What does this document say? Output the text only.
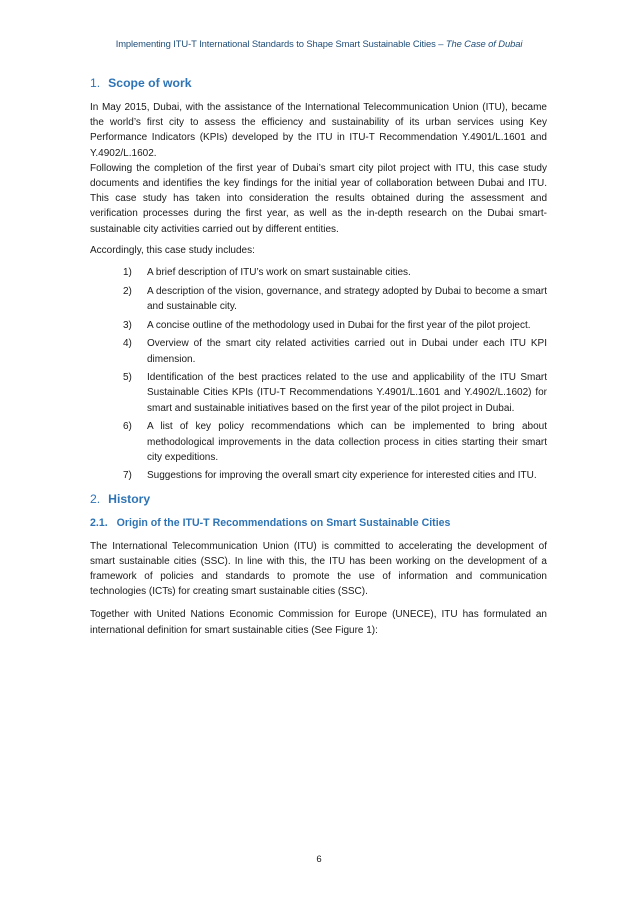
Implementing ITU-T International Standards to Shape Smart Sustainable Cities – The Case of Dubai
1. Scope of work

In May 2015, Dubai, with the assistance of the International Telecommunication Union (ITU), became the world’s first city to assess the efficiency and sustainability of its urban services using Key Performance Indicators (KPIs) developed by the ITU in ITU-T Recommendation Y.4901/L.1601 and Y.4902/L.1602.

Following the completion of the first year of Dubai’s smart city pilot project with ITU, this case study documents and identifies the key findings for the initial year of collaboration between Dubai and ITU. This case study has taken into consideration the results obtained during the assessment and verification processes during the first year, as well as the in-depth research on the Dubai smart-sustainable city activities carried out by different entities.

Accordingly, this case study includes:

1) A brief description of ITU’s work on smart sustainable cities.
2) A description of the vision, governance, and strategy adopted by Dubai to become a smart and sustainable city.
3) A concise outline of the methodology used in Dubai for the first year of the pilot project.
4) Overview of the smart city related activities carried out in Dubai under each ITU KPI dimension.
5) Identification of the best practices related to the use and applicability of the ITU Smart Sustainable Cities KPIs (ITU-T Recommendations Y.4901/L.1601 and Y.4902/L.1602) for smart and sustainable initiatives based on the first year of the pilot project in Dubai.
6) A list of key policy recommendations which can be implemented to bring about methodological improvements in the data collection process in cities starting their smart city expeditions.
7) Suggestions for improving the overall smart city experience for interested cities and ITU.
2. History
2.1. Origin of the ITU-T Recommendations on Smart Sustainable Cities

The International Telecommunication Union (ITU) is committed to accelerating the development of smart sustainable cities (SSC). In line with this, the ITU has been working on the development of a framework of policies and standards to promote the use of information and communication technologies (ICTs) for creating smart sustainable cities (SSC).

Together with United Nations Economic Commission for Europe (UNECE), ITU has formulated an international definition for smart sustainable cities (See Figure 1):

6
